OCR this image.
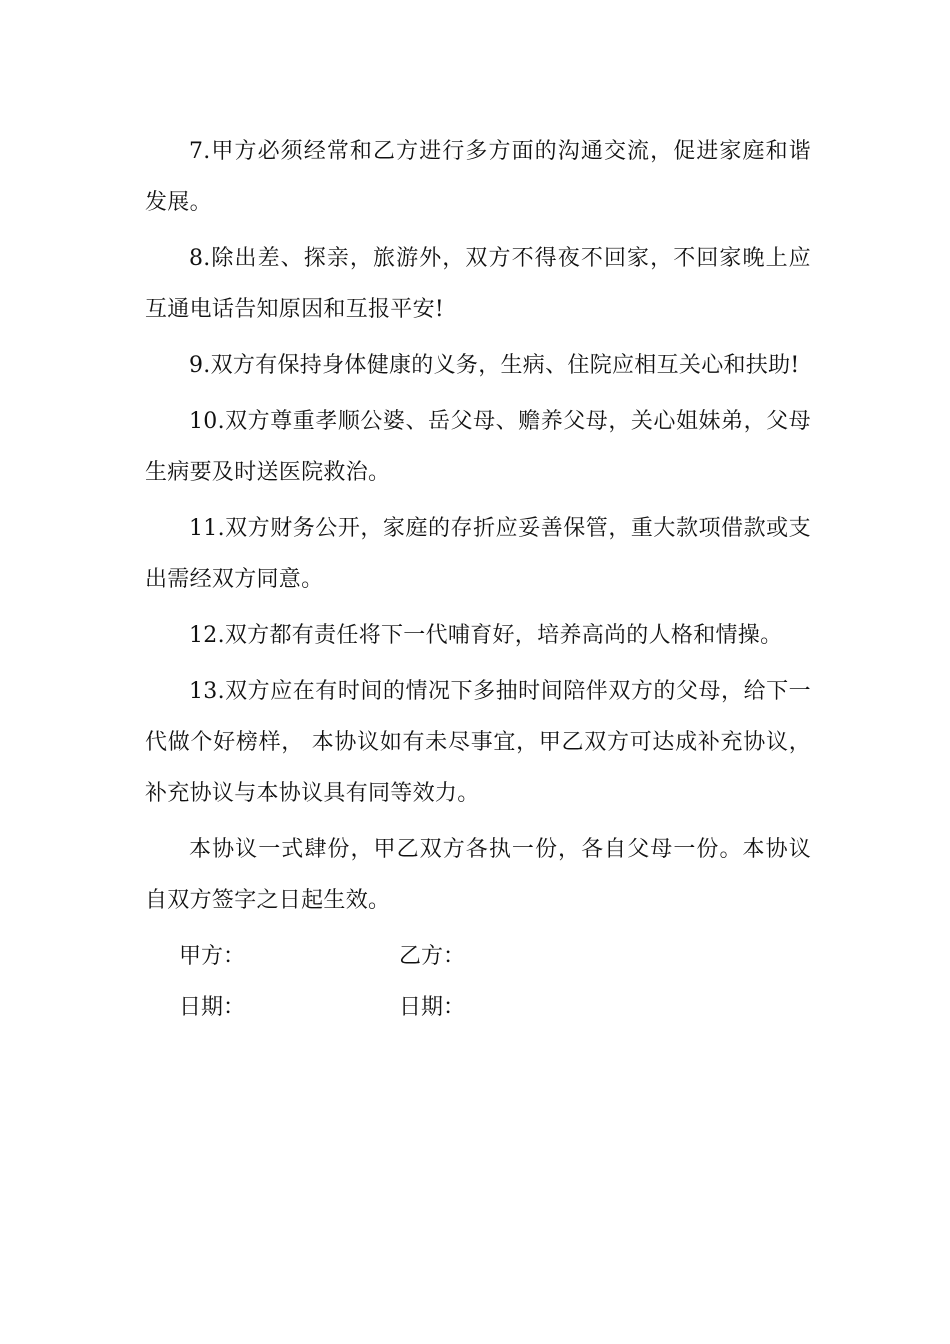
7.甲方必须经常和乙方进行多方面的沟通交流，促进家庭和谐发展。

8.除出差、探亲，旅游外，双方不得夜不回家，不回家晚上应互通电话告知原因和互报平安!

9.双方有保持身体健康的义务，生病、住院应相互关心和扶助!

10.双方尊重孝顺公婆、岳父母、赡养父母，关心姐妹弟，父母生病要及时送医院救治。

11.双方财务公开，家庭的存折应妥善保管，重大款项借款或支出需经双方同意。

12.双方都有责任将下一代哺育好，培养高尚的人格和情操。

13.双方应在有时间的情况下多抽时间陪伴双方的父母，给下一代做个好榜样， 本协议如有未尽事宜，甲乙双方可达成补充协议，补充协议与本协议具有同等效力。

本协议一式肆份，甲乙双方各执一份，各自父母一份。本协议自双方签字之日起生效。

甲方：	乙方：
日期：	日期：
